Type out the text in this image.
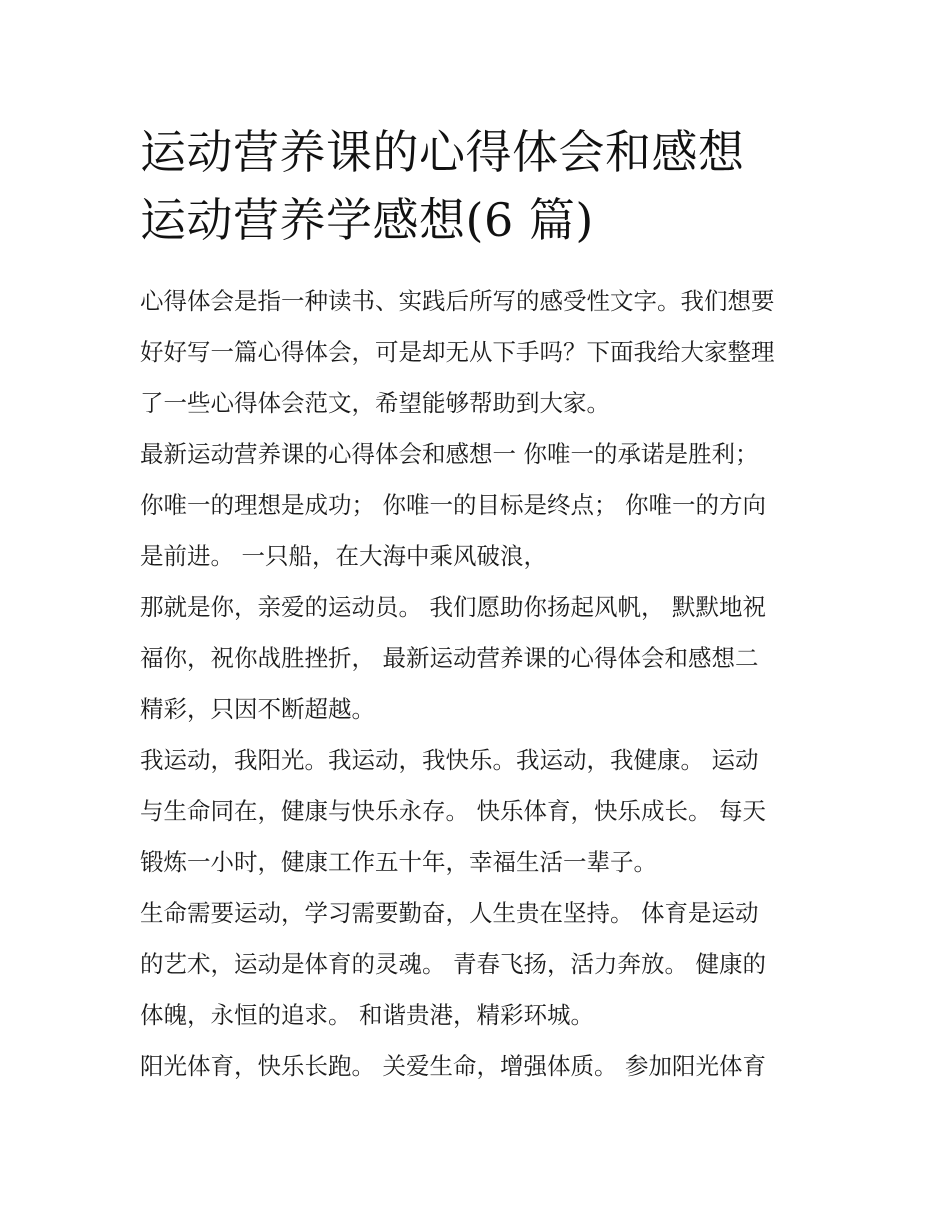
运动营养课的心得体会和感想
运动营养学感想(6 篇)

心得体会是指一种读书、实践后所写的感受性文字。我们想要
好好写一篇心得体会，可是却无从下手吗？下面我给大家整理
了一些心得体会范文，希望能够帮助到大家。

最新运动营养课的心得体会和感想一 你唯一的承诺是胜利；
你唯一的理想是成功； 你唯一的目标是终点； 你唯一的方向
是前进。 一只船，在大海中乘风破浪，

那就是你，亲爱的运动员。 我们愿助你扬起风帆， 默默地祝
福你，祝你战胜挫折， 最新运动营养课的心得体会和感想二
精彩，只因不断超越。

我运动，我阳光。我运动，我快乐。我运动，我健康。 运动
与生命同在，健康与快乐永存。 快乐体育，快乐成长。 每天
锻炼一小时，健康工作五十年，幸福生活一辈子。

生命需要运动，学习需要勤奋，人生贵在坚持。 体育是运动
的艺术，运动是体育的灵魂。 青春飞扬，活力奔放。 健康的
体魄，永恒的追求。 和谐贵港，精彩环城。

阳光体育，快乐长跑。 关爱生命，增强体质。 参加阳光体育
